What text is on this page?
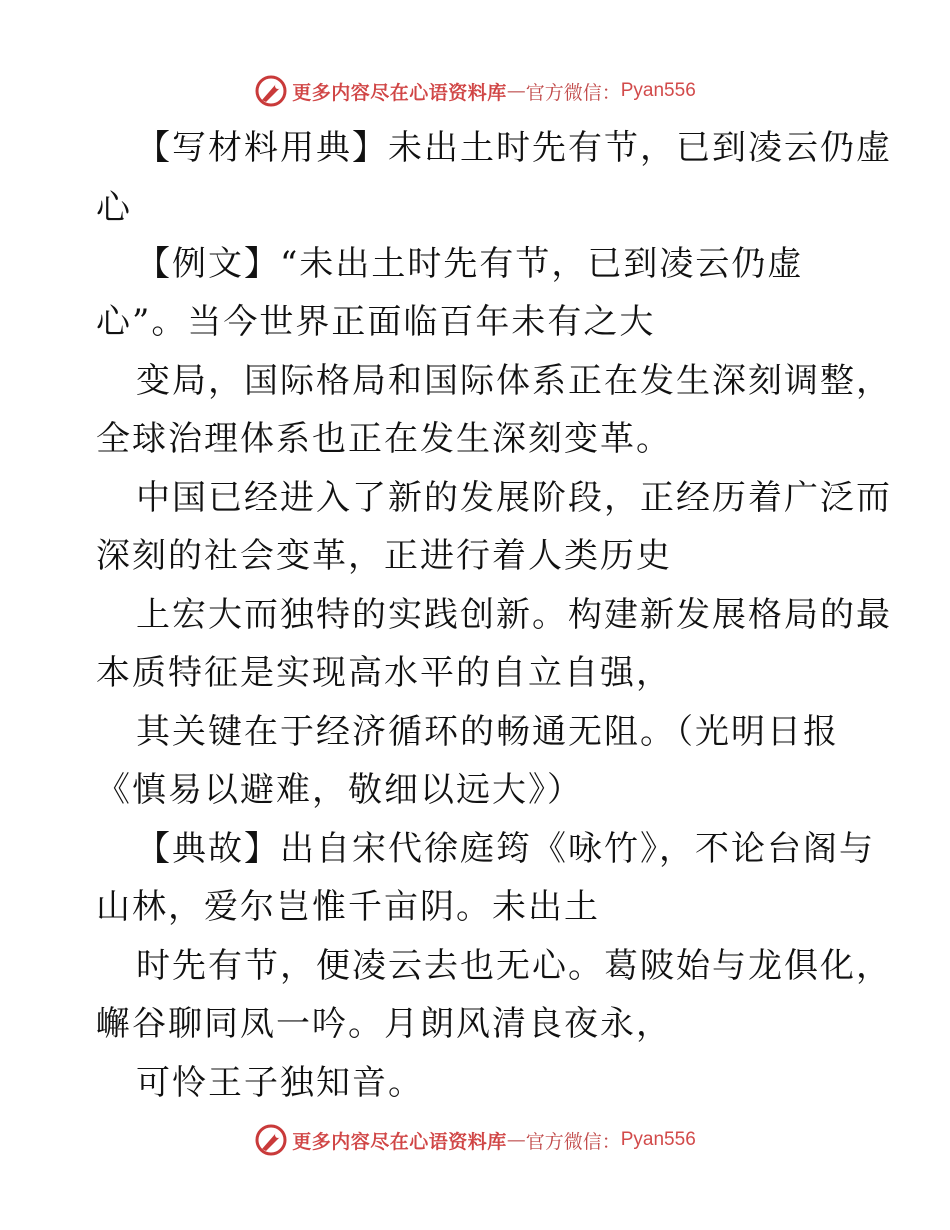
更多内容尽在心语资料库 — 官方微信： Pyan556
【写材料用典】未出土时先有节，已到凌云仍虚
心
【例文】“未出土时先有节，已到凌云仍虚
心”。当今世界正面临百年未有之大
变局，国际格局和国际体系正在发生深刻调整，
全球治理体系也正在发生深刻变革。
中国已经进入了新的发展阶段，正经历着广泛而
深刻的社会变革，正进行着人类历史
上宏大而独特的实践创新。构建新发展格局的最
本质特征是实现高水平的自立自强，
其关键在于经济循环的畅通无阻。（光明日报
《慎易以避难，敬细以远大》）
【典故】出自宋代徐庭筠《咏竹》，不论台阁与
山林，爱尔岂惟千亩阴。未出土
时先有节，便凌云去也无心。葛陂始与龙俱化，
嶰谷聊同凤一吟。月朗风清良夜永，
可怜王子独知音。
更多内容尽在心语资料库 — 官方微信： Pyan556
